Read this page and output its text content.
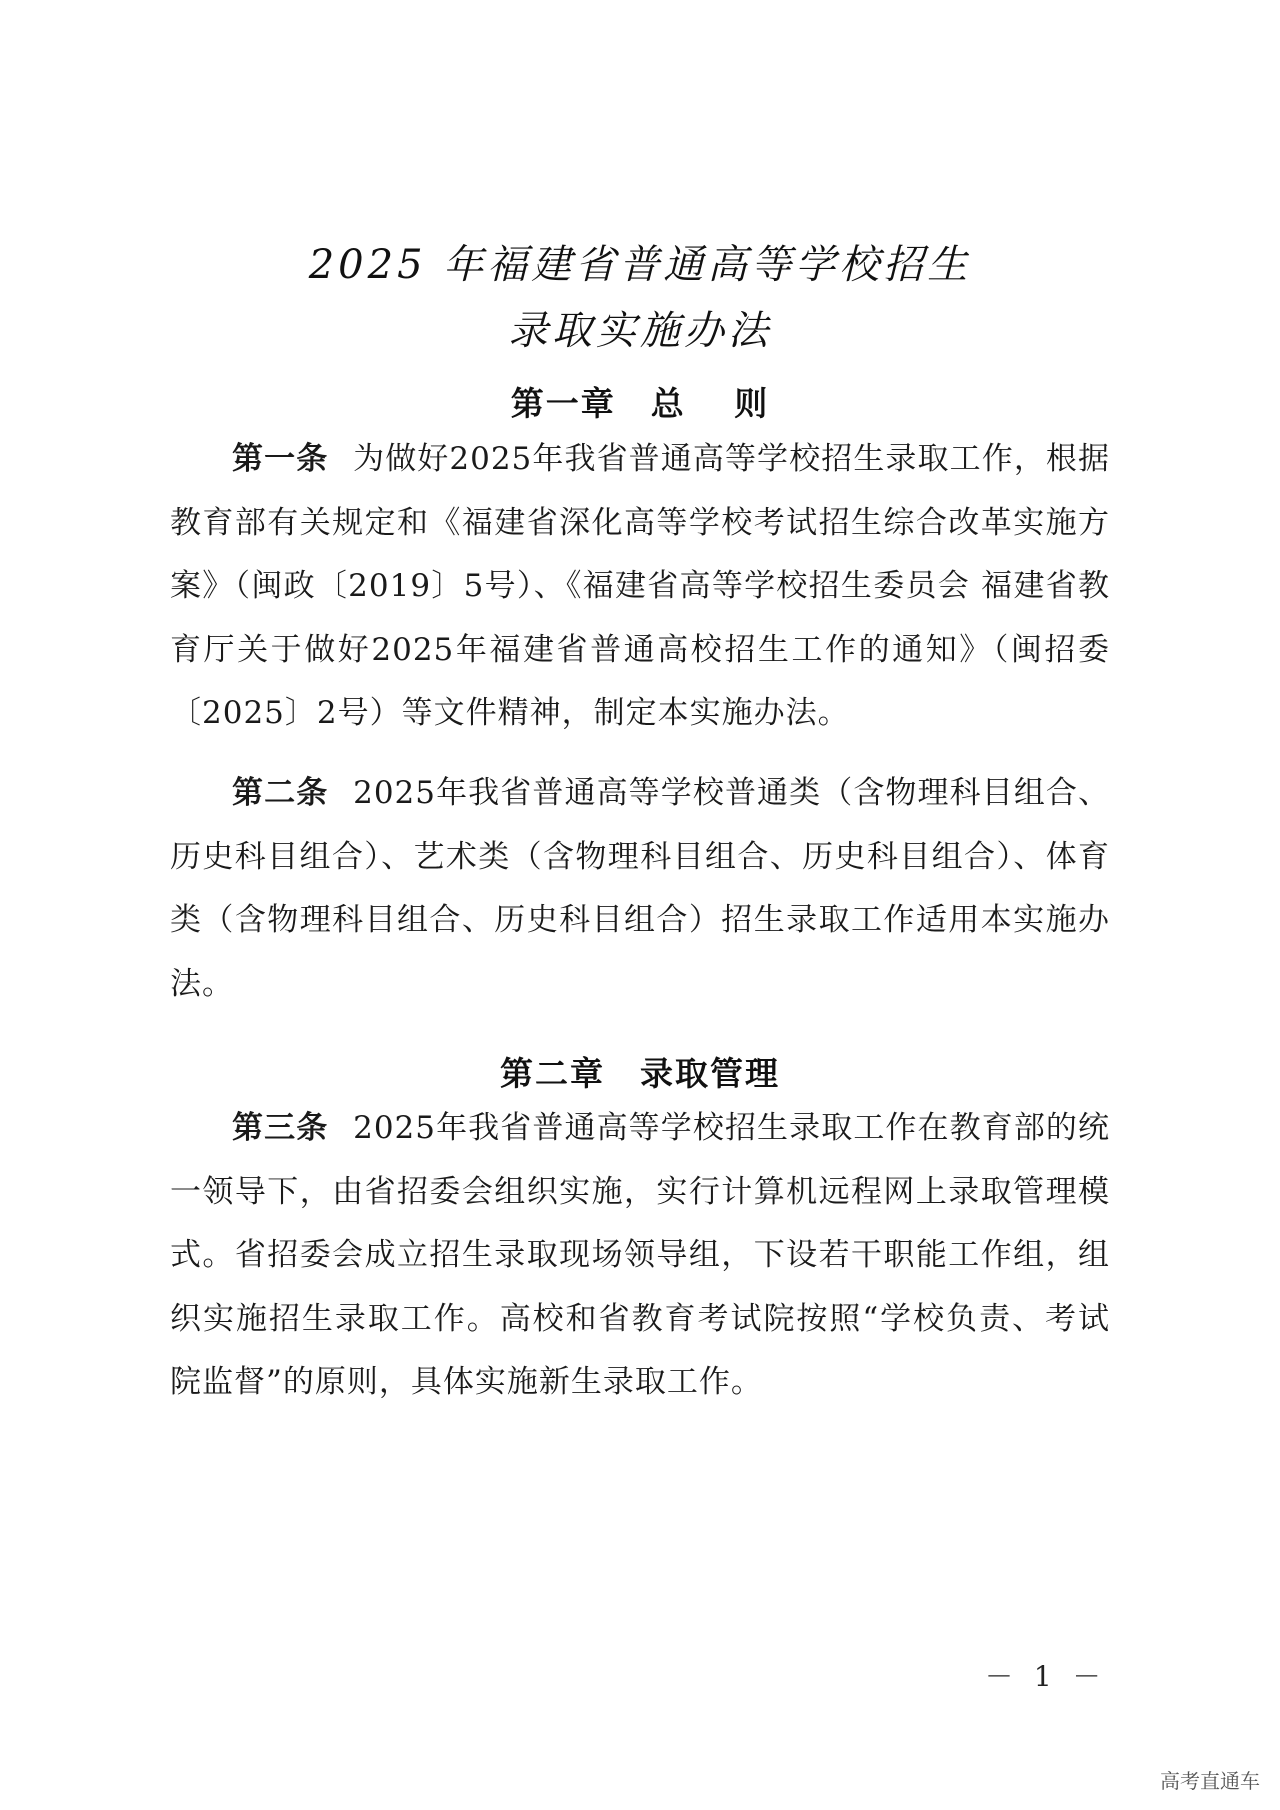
2025 年福建省普通高等学校招生
录取实施办法
第一章　总　 则

第一条 为做好2025年我省普通高等学校招生录取工作，根据教育部有关规定和《福建省深化高等学校考试招生综合改革实施方案》（闽政〔2019〕5号）、《福建省高等学校招生委员会 福建省教育厅关于做好2025年福建省普通高校招生工作的通知》（闽招委〔2025〕2号）等文件精神，制定本实施办法。

第二条 2025年我省普通高等学校普通类（含物理科目组合、历史科目组合）、艺术类（含物理科目组合、历史科目组合）、体育类（含物理科目组合、历史科目组合）招生录取工作适用本实施办法。

第二章　录取管理

第三条 2025年我省普通高等学校招生录取工作在教育部的统一领导下，由省招委会组织实施，实行计算机远程网上录取管理模式。省招委会成立招生录取现场领导组，下设若干职能工作组，组织实施招生录取工作。高校和省教育考试院按照“学校负责、考试院监督”的原则，具体实施新生录取工作。

－ 1 －
高考直通车
